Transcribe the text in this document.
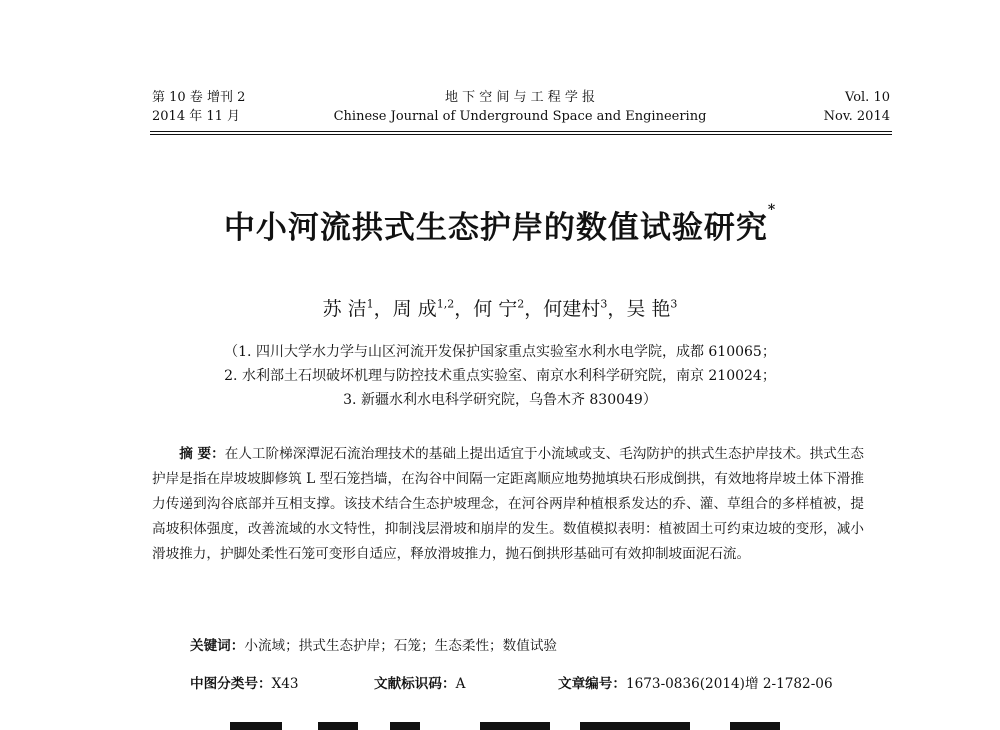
第 10 卷 增刊 2
2014 年 11 月
地 下 空 间 与 工 程 学 报
Chinese Journal of Underground Space and Engineering
Vol. 10
Nov. 2014
中小河流拱式生态护岸的数值试验研究*
苏 洁$^1$，周 成$^{1,2}$，何 宁$^2$，何建村$^3$，吴 艳$^3$
（1. 四川大学水力学与山区河流开发保护国家重点实验室水利水电学院，成都 610065；
2. 水利部土石坝破坏机理与防控技术重点实验室、南京水利科学研究院，南京 210024；
3. 新疆水利水电科学研究院，乌鲁木齐 830049）
摘 要：在人工阶梯深潭泥石流治理技术的基础上提出适宜于小流域或支、毛沟防护的拱式生态护岸技术。拱式生态护岸是指在岸坡坡脚修筑 L 型石笼挡墙，在沟谷中间隔一定距离顺应地势抛填块石形成倒拱，有效地将岸坡土体下滑推力传递到沟谷底部并互相支撑。该技术结合生态护坡理念，在河谷两岸种植根系发达的乔、灌、草组合的多样植被，提高坡积体强度，改善流域的水文特性，抑制浅层滑坡和崩岸的发生。数值模拟表明：植被固土可约束边坡的变形，减小滑坡推力，护脚处柔性石笼可变形自适应，释放滑坡推力，抛石倒拱形基础可有效抑制坡面泥石流。
关键词：小流域；拱式生态护岸；石笼；生态柔性；数值试验
中图分类号：X43	文献标识码：A	文章编号：1673-0836(2014)增 2-1782-06
